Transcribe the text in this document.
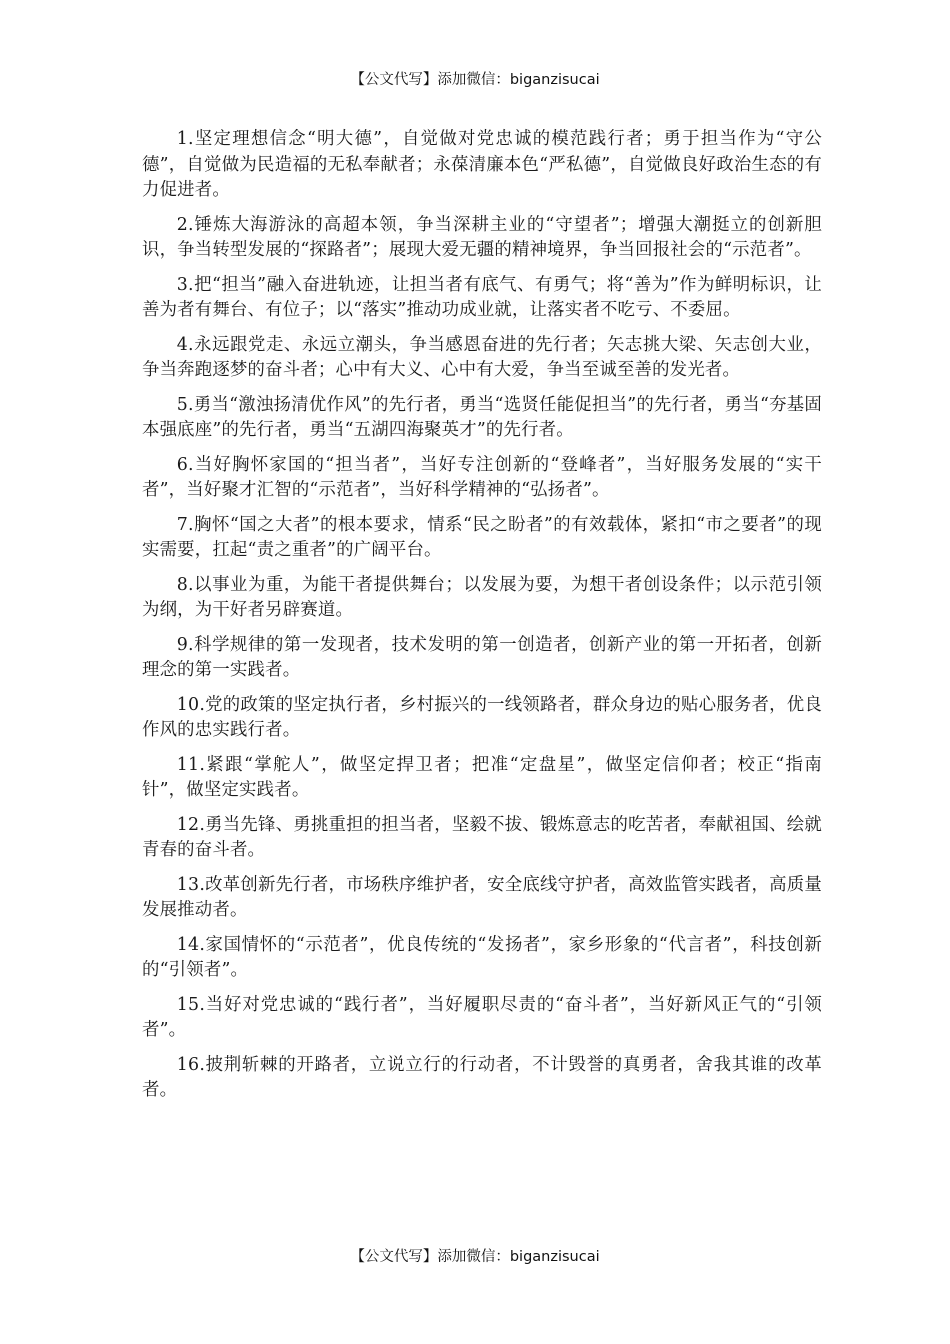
【公文代写】添加微信：biganzisucai

1.坚定理想信念“明大德”，自觉做对党忠诚的模范践行者；勇于担当作为“守公德”，自觉做为民造福的无私奉献者；永葆清廉本色“严私德”，自觉做良好政治生态的有力促进者。

2.锤炼大海游泳的高超本领，争当深耕主业的“守望者”；增强大潮挺立的创新胆识，争当转型发展的“探路者”；展现大爱无疆的精神境界，争当回报社会的“示范者”。

3.把“担当”融入奋进轨迹，让担当者有底气、有勇气；将“善为”作为鲜明标识，让善为者有舞台、有位子；以“落实”推动功成业就，让落实者不吃亏、不委屈。

4.永远跟党走、永远立潮头，争当感恩奋进的先行者；矢志挑大梁、矢志创大业，争当奔跑逐梦的奋斗者；心中有大义、心中有大爱，争当至诚至善的发光者。

5.勇当“激浊扬清优作风”的先行者，勇当“选贤任能促担当”的先行者，勇当“夯基固本强底座”的先行者，勇当“五湖四海聚英才”的先行者。

6.当好胸怀家国的“担当者”，当好专注创新的“登峰者”，当好服务发展的“实干者”，当好聚才汇智的“示范者”，当好科学精神的“弘扬者”。

7.胸怀“国之大者”的根本要求，情系“民之盼者”的有效载体，紧扣“市之要者”的现实需要，扛起“责之重者”的广阔平台。

8.以事业为重，为能干者提供舞台；以发展为要，为想干者创设条件；以示范引领为纲，为干好者另辟赛道。

9.科学规律的第一发现者，技术发明的第一创造者，创新产业的第一开拓者，创新理念的第一实践者。

10.党的政策的坚定执行者，乡村振兴的一线领路者，群众身边的贴心服务者，优良作风的忠实践行者。

11.紧跟“掌舵人”，做坚定捍卫者；把准“定盘星”，做坚定信仰者；校正“指南针”，做坚定实践者。

12.勇当先锋、勇挑重担的担当者，坚毅不拔、锻炼意志的吃苦者，奉献祖国、绘就青春的奋斗者。

13.改革创新先行者，市场秩序维护者，安全底线守护者，高效监管实践者，高质量发展推动者。

14.家国情怀的“示范者”，优良传统的“发扬者”，家乡形象的“代言者”，科技创新的“引领者”。

15.当好对党忠诚的“践行者”，当好履职尽责的“奋斗者”，当好新风正气的“引领者”。

16.披荆斩棘的开路者，立说立行的行动者，不计毁誉的真勇者，舍我其谁的改革者。

【公文代写】添加微信：biganzisucai
